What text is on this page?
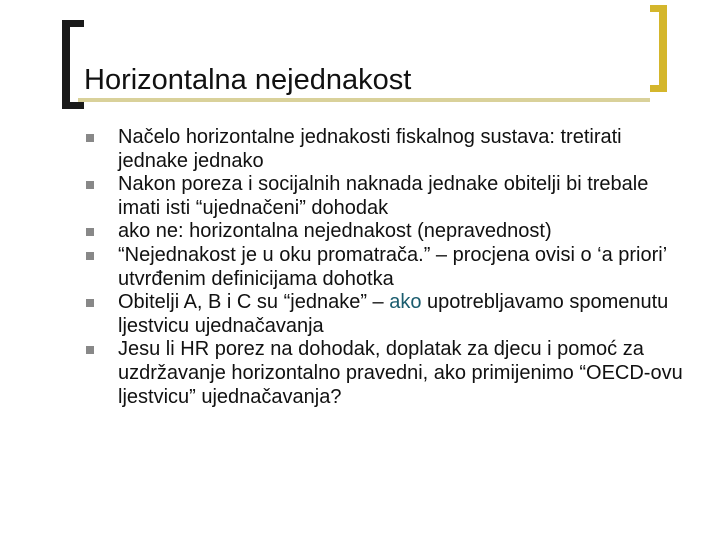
Horizontalna nejednakost
Načelo horizontalne jednakosti fiskalnog sustava: tretirati jednake jednako
Nakon poreza i socijalnih naknada jednake obitelji bi trebale imati isti “ujednačeni” dohodak
ako ne: horizontalna nejednakost (nepravednost)
“Nejednakost je u oku promatrača.” – procjena ovisi o ‘a priori’ utvrđenim definicijama dohotka
Obitelji A, B i C su “jednake” – ako upotrebljavamo spomenutu ljestvicu ujednačavanja
Jesu li HR porez na dohodak, doplatak za djecu i pomoć za uzdržavanje horizontalno pravedni, ako primijenimo “OECD-ovu ljestvicu” ujednačavanja?
